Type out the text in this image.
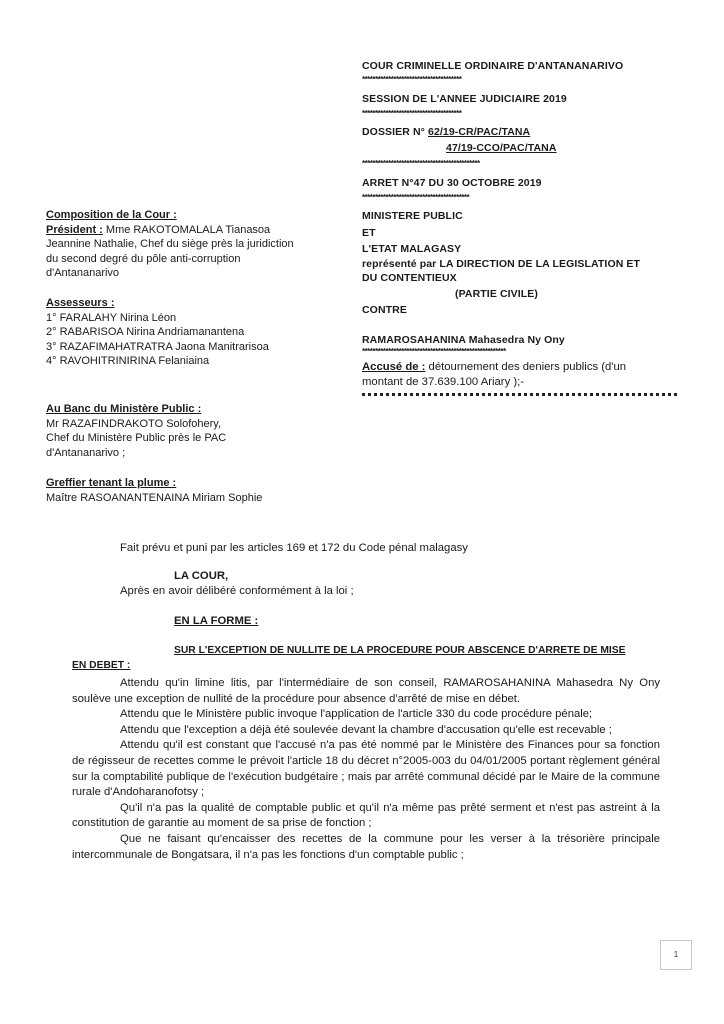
COUR CRIMINELLE ORDINAIRE D'ANTANANARIVO
**************************************
SESSION DE L'ANNEE JUDICIAIRE 2019
**************************************
DOSSIER N° 62/19-CR/PAC/TANA
47/19-CCO/PAC/TANA
*********************************************
ARRET N°47 DU 30 OCTOBRE 2019
*****************************************
MINISTERE PUBLIC
ET
L'ETAT MALAGASY
représenté par LA DIRECTION DE LA LEGISLATION ET
DU CONTENTIEUX
(PARTIE CIVILE)
CONTRE
RAMAROSAHANINA Mahasedra Ny Ony
*******************************************************
Accusé de : détournement des deniers publics (d'un
montant de 37.639.100 Ariary );-
Composition de la Cour :
Président : Mme RAKOTOMALALA Tianasoa
Jeannine Nathalie, Chef du siège près la juridiction
du second degré du pôle anti-corruption
d'Antananarivo
Assesseurs :
1° FARALAHY Nirina Léon
2° RABARISOA Nirina Andriamanantena
3° RAZAFIMAHATRATRA Jaona Manitrarisoa
4° RAVOHITRINIRINA Felaniaina
Au Banc du Ministère Public :
Mr RAZAFINDRAKOTO Solofohery,
Chef du Ministère Public près le PAC
d'Antananarivo ;
Greffier tenant la plume :
Maître RASOANANTENAINA Miriam Sophie
Fait prévu et puni par les articles 169 et 172 du Code pénal malagasy
LA COUR,
Après en avoir délibéré conformément à la loi ;
EN LA FORME :
SUR L'EXCEPTION DE NULLITE DE LA PROCEDURE POUR ABSCENCE D'ARRETE DE MISE
EN DEBET :

Attendu qu'in limine litis, par l'intermédiaire de son conseil, RAMAROSAHANINA Mahasedra Ny Ony soulève une exception de nullité de la procédure pour absence d'arrêté de mise en débet.

Attendu que le Ministère public invoque l'application de l'article 330 du code procédure pénale;

Attendu que l'exception a déjà été soulevée devant la chambre d'accusation qu'elle est recevable ;

Attendu qu'il est constant que l'accusé n'a pas été nommé par le Ministère des Finances pour sa fonction de régisseur de recettes comme le prévoit l'article 18 du décret n°2005-003 du 04/01/2005 portant règlement général sur la comptabilité publique de l'exécution budgétaire ; mais par arrêté communal décidé par le Maire de la commune rurale d'Andoharanofotsy ;

Qu'il n'a pas la qualité de comptable public et qu'il n'a même pas prêté serment et n'est pas astreint à la constitution de garantie au moment de sa prise de fonction ;

Que ne faisant qu'encaisser des recettes de la commune pour les verser à la trésorière principale intercommunale de Bongatsara, il n'a pas les fonctions d'un comptable public ;

1
